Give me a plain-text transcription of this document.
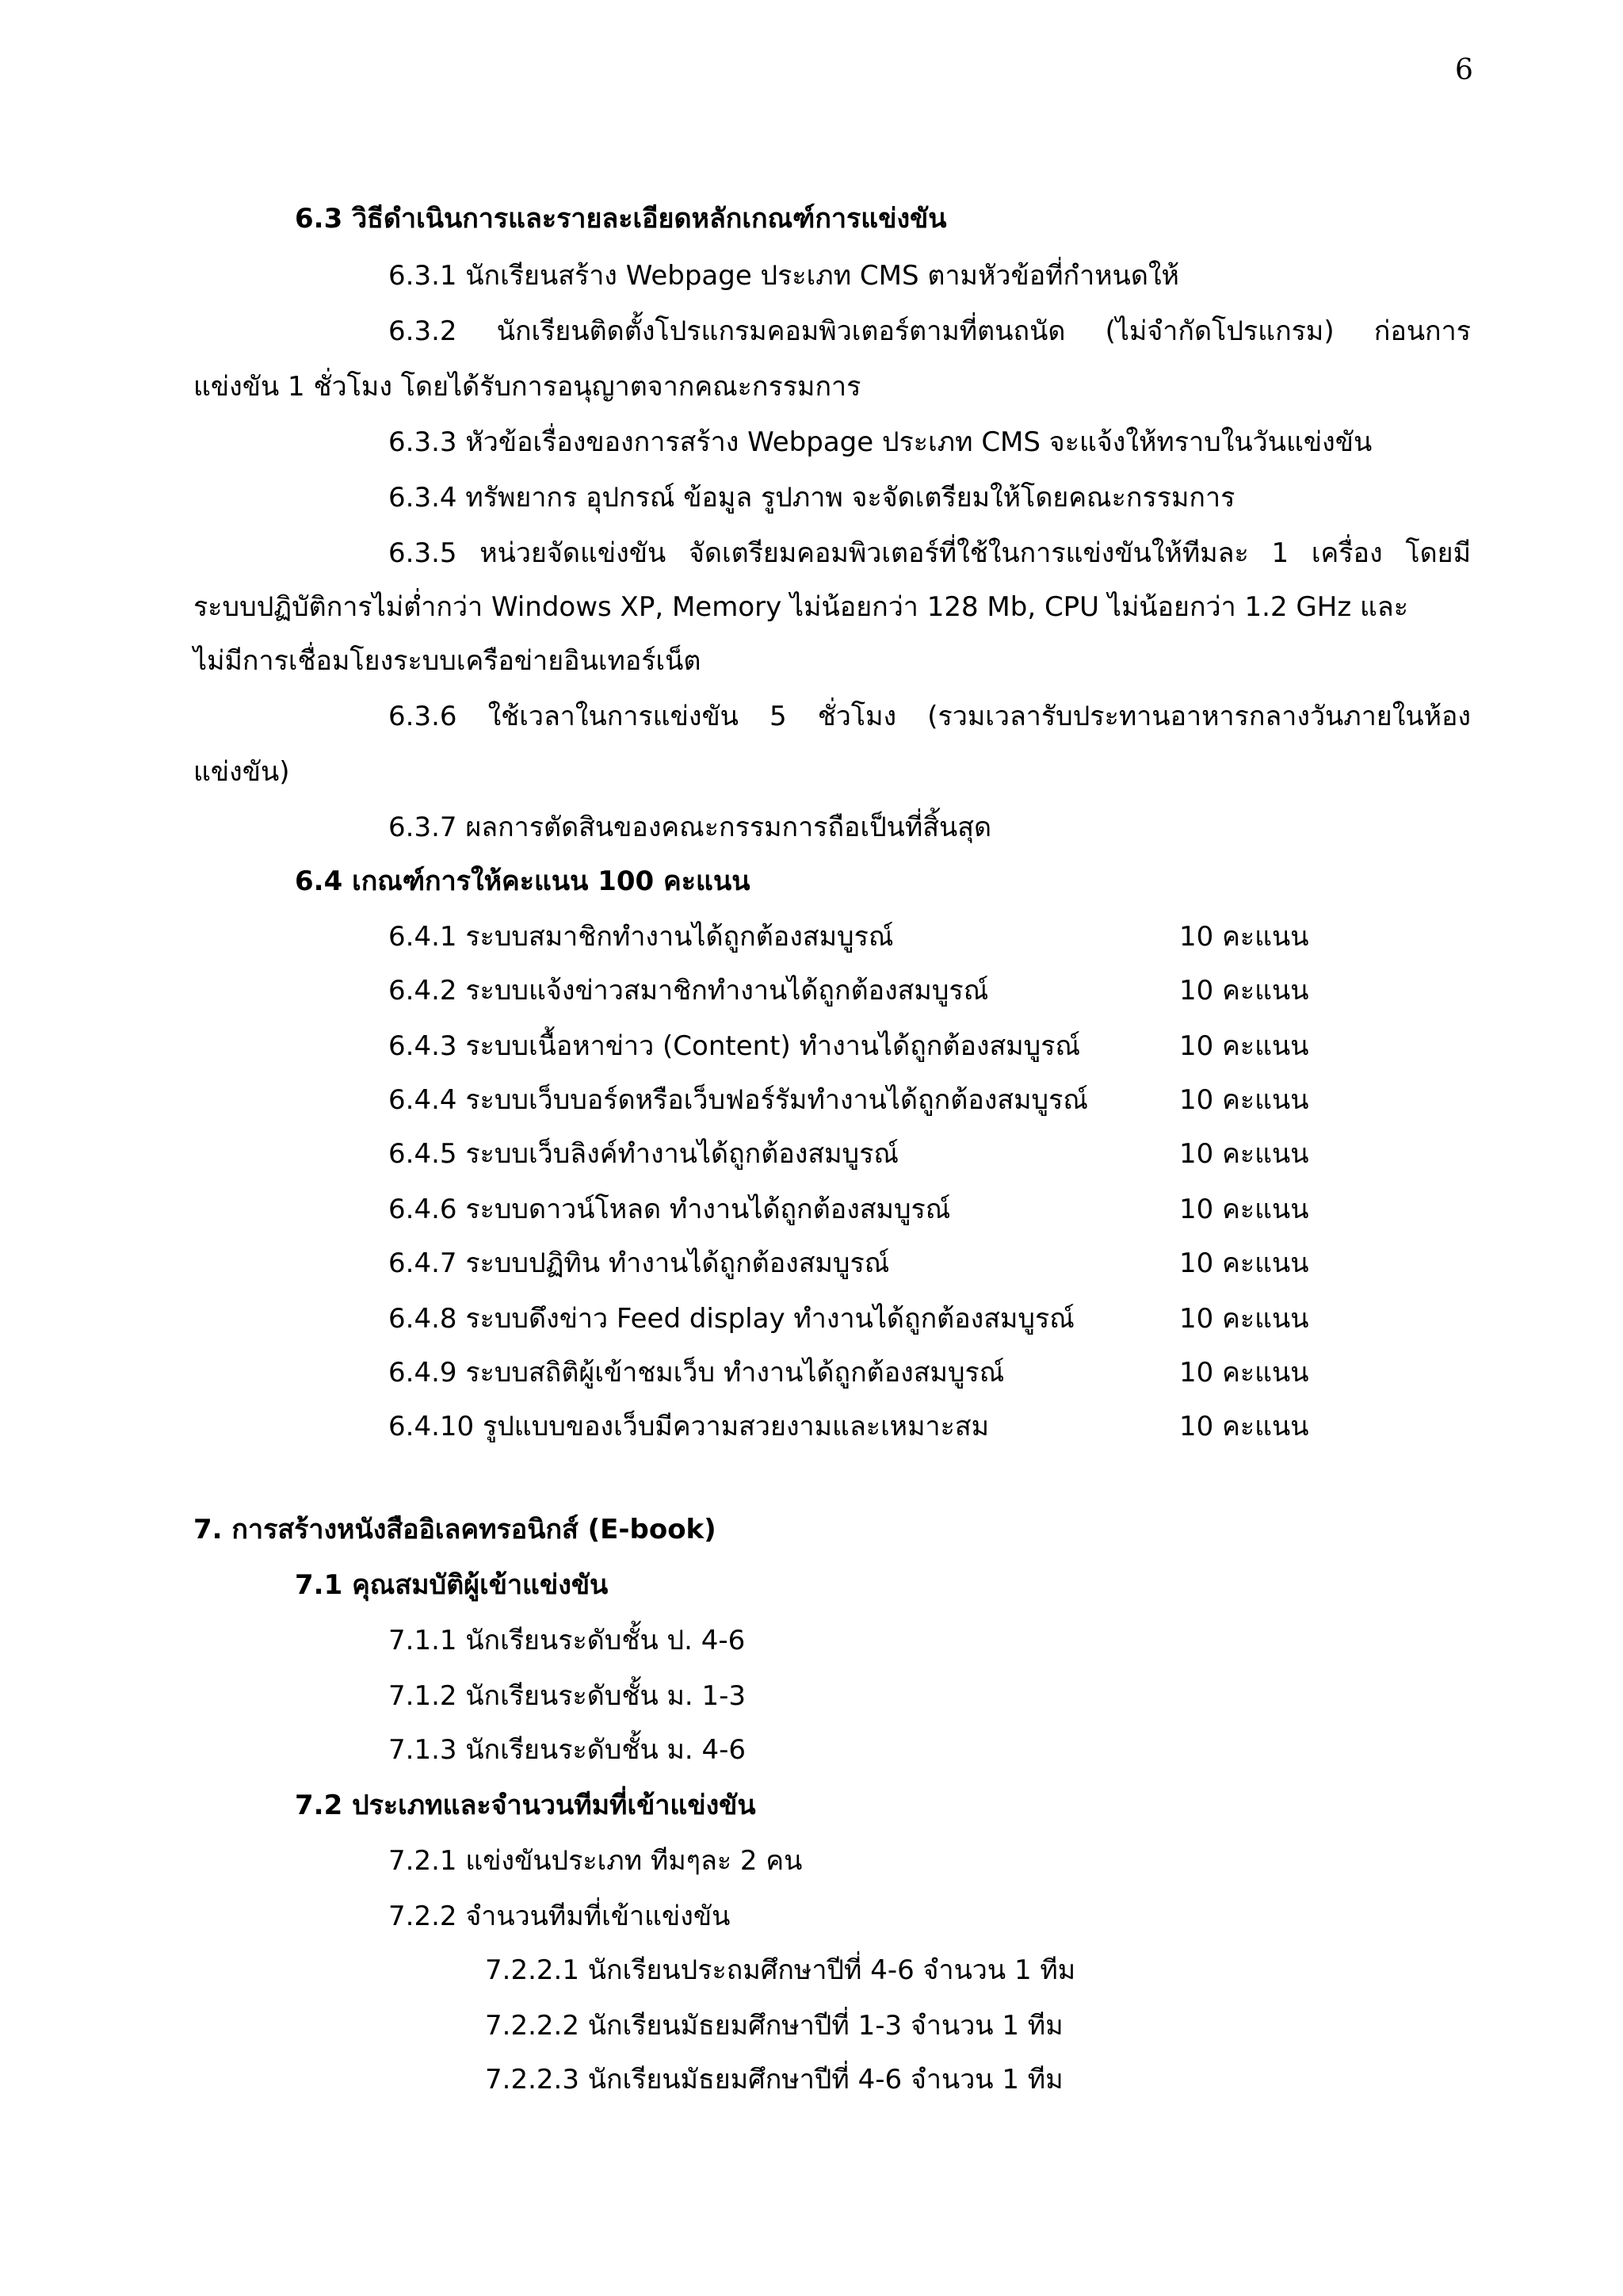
6
6.3 วิธีดำเนินการและรายละเอียดหลักเกณฑ์การแข่งขัน
6.3.1 นักเรียนสร้าง Webpage ประเภท CMS ตามหัวข้อที่กำหนดให้
6.3.2 นักเรียนติดตั้งโปรแกรมคอมพิวเตอร์ตามที่ตนถนัด (ไม่จำกัดโปรแกรม) ก่อนการ
แข่งขัน 1 ชั่วโมง โดยได้รับการอนุญาตจากคณะกรรมการ
6.3.3 หัวข้อเรื่องของการสร้าง Webpage ประเภท CMS จะแจ้งให้ทราบในวันแข่งขัน
6.3.4 ทรัพยากร อุปกรณ์ ข้อมูล รูปภาพ จะจัดเตรียมให้โดยคณะกรรมการ
6.3.5 หน่วยจัดแข่งขัน จัดเตรียมคอมพิวเตอร์ที่ใช้ในการแข่งขันให้ทีมละ 1 เครื่อง โดยมี
ระบบปฏิบัติการไม่ต่ำกว่า Windows XP, Memory ไม่น้อยกว่า 128 Mb, CPU ไม่น้อยกว่า 1.2 GHz และ
ไม่มีการเชื่อมโยงระบบเครือข่ายอินเทอร์เน็ต
6.3.6 ใช้เวลาในการแข่งขัน 5 ชั่วโมง (รวมเวลารับประทานอาหารกลางวันภายในห้อง
แข่งขัน)
6.3.7 ผลการตัดสินของคณะกรรมการถือเป็นที่สิ้นสุด
6.4 เกณฑ์การให้คะแนน 100 คะแนน
6.4.1 ระบบสมาชิกทำงานได้ถูกต้องสมบูรณ์	10 คะแนน
6.4.2 ระบบแจ้งข่าวสมาชิกทำงานได้ถูกต้องสมบูรณ์	10 คะแนน
6.4.3 ระบบเนื้อหาข่าว (Content) ทำงานได้ถูกต้องสมบูรณ์	10 คะแนน
6.4.4 ระบบเว็บบอร์ดหรือเว็บฟอร์รัมทำงานได้ถูกต้องสมบูรณ์	10 คะแนน
6.4.5 ระบบเว็บลิงค์ทำงานได้ถูกต้องสมบูรณ์	10 คะแนน
6.4.6 ระบบดาวน์โหลด ทำงานได้ถูกต้องสมบูรณ์	10 คะแนน
6.4.7 ระบบปฏิทิน ทำงานได้ถูกต้องสมบูรณ์	10 คะแนน
6.4.8 ระบบดึงข่าว Feed display ทำงานได้ถูกต้องสมบูรณ์	10 คะแนน
6.4.9 ระบบสถิติผู้เข้าชมเว็บ ทำงานได้ถูกต้องสมบูรณ์	10 คะแนน
6.4.10 รูปแบบของเว็บมีความสวยงามและเหมาะสม	10 คะแนน
7. การสร้างหนังสืออิเลคทรอนิกส์ (E-book)
7.1 คุณสมบัติผู้เข้าแข่งขัน
7.1.1 นักเรียนระดับชั้น ป. 4-6
7.1.2 นักเรียนระดับชั้น ม. 1-3
7.1.3 นักเรียนระดับชั้น ม. 4-6
7.2 ประเภทและจำนวนทีมที่เข้าแข่งขัน
7.2.1 แข่งขันประเภท ทีมๆละ 2 คน
7.2.2 จำนวนทีมที่เข้าแข่งขัน
7.2.2.1 นักเรียนประถมศึกษาปีที่ 4-6 จำนวน 1 ทีม
7.2.2.2 นักเรียนมัธยมศึกษาปีที่ 1-3 จำนวน 1 ทีม
7.2.2.3 นักเรียนมัธยมศึกษาปีที่ 4-6 จำนวน 1 ทีม
